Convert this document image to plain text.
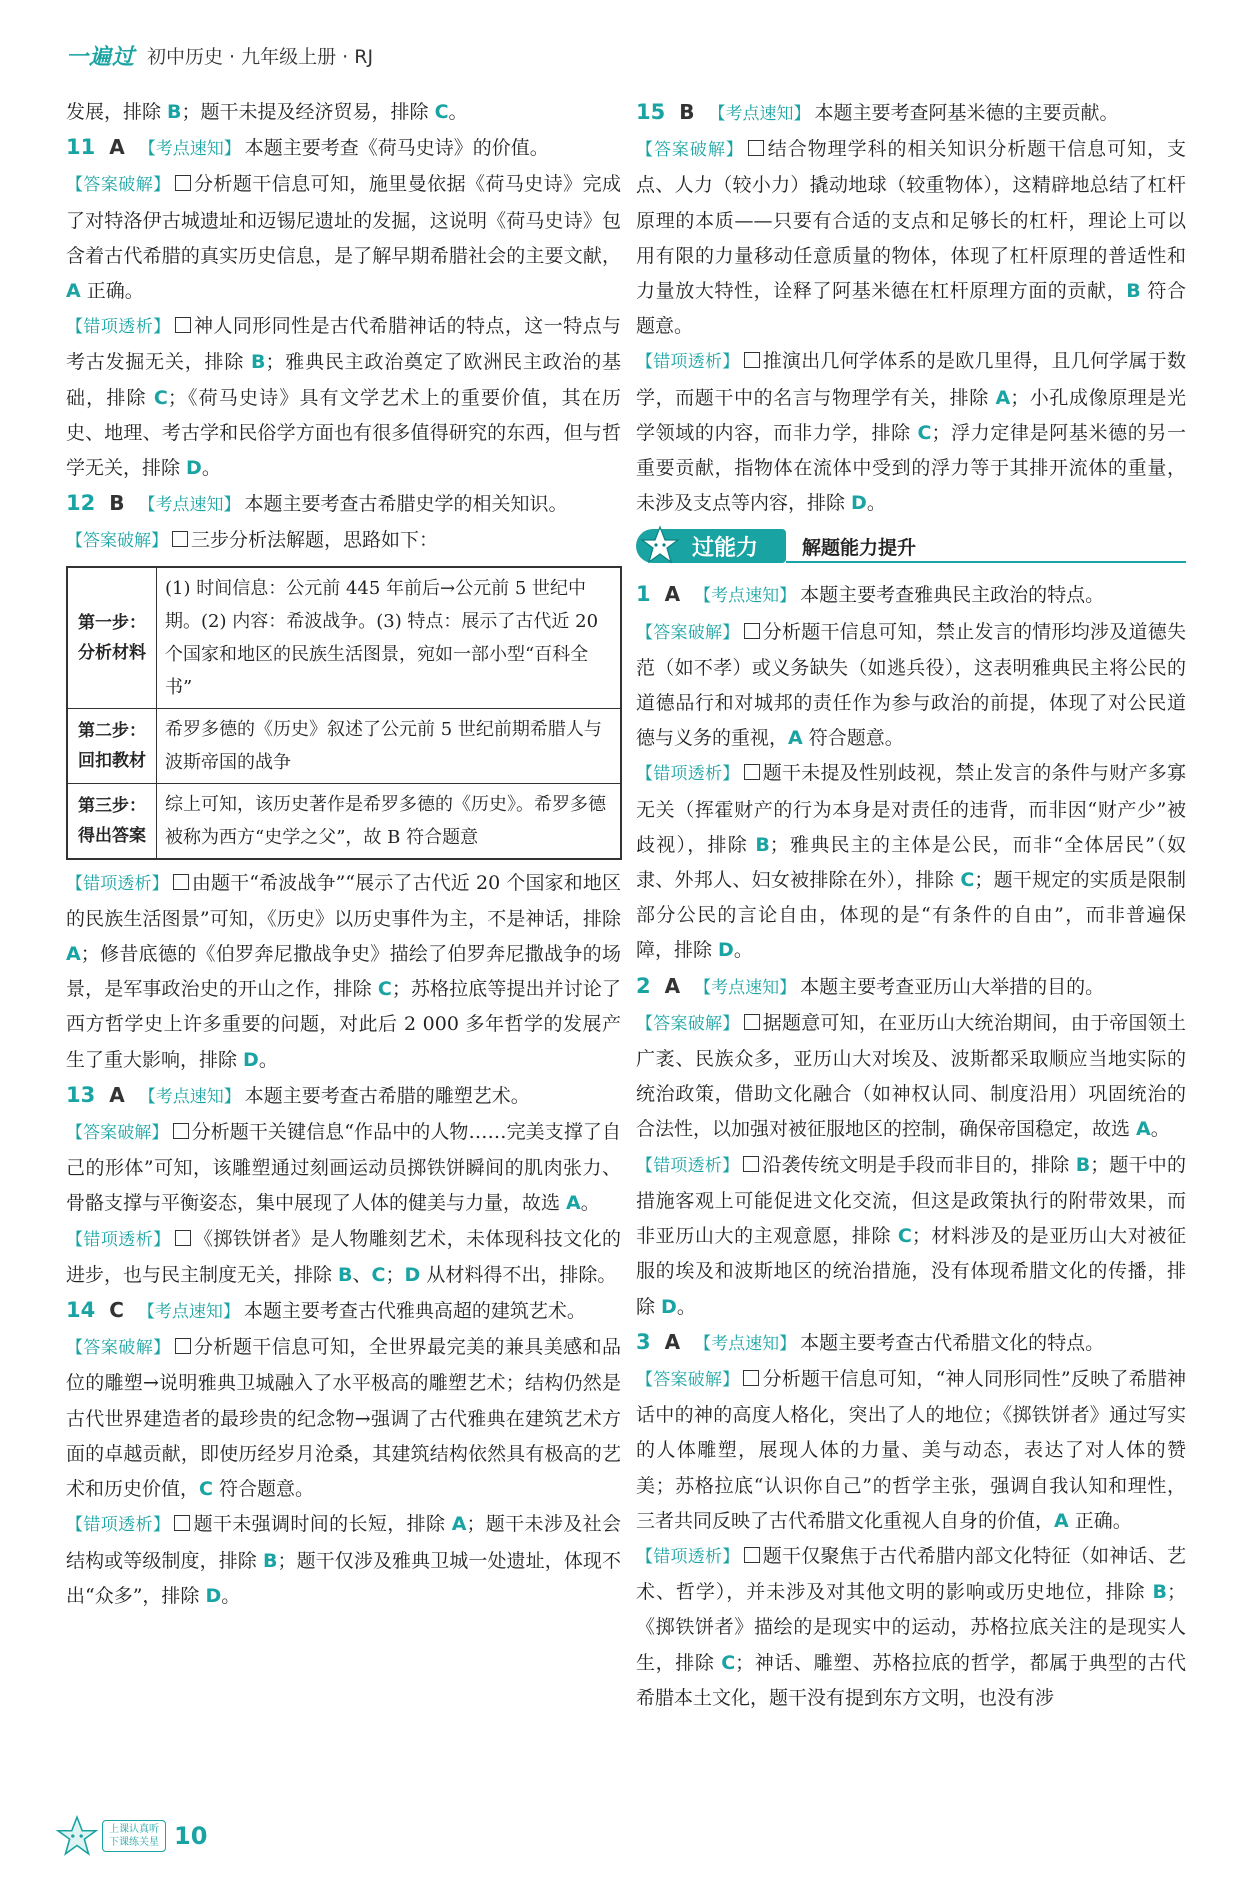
一遍过 初中历史 · 九年级上册 · RJ

发展，排除 B；题干未提及经济贸易，排除 C。

11 A 【考点速知】 本题主要考查《荷马史诗》的价值。

【答案破解】 分析题干信息可知，施里曼依据《荷马史诗》完成了对特洛伊古城遗址和迈锡尼遗址的发掘，这说明《荷马史诗》包含着古代希腊的真实历史信息，是了解早期希腊社会的主要文献，A 正确。

【错项透析】 神人同形同性是古代希腊神话的特点，这一特点与考古发掘无关，排除 B；雅典民主政治奠定了欧洲民主政治的基础，排除 C；《荷马史诗》具有文学艺术上的重要价值，其在历史、地理、考古学和民俗学方面也有很多值得研究的东西，但与哲学无关，排除 D。

12 B 【考点速知】 本题主要考查古希腊史学的相关知识。

【答案破解】 三步分析法解题，思路如下：

第一步：分析材料
(1) 时间信息：公元前 445 年前后→公元前 5 世纪中期。(2) 内容：希波战争。(3) 特点：展示了古代近 20 个国家和地区的民族生活图景，宛如一部小型“百科全书”
第二步：回扣教材
希罗多德的《历史》叙述了公元前 5 世纪前期希腊人与波斯帝国的战争
第三步：得出答案
综上可知，该历史著作是希罗多德的《历史》。希罗多德被称为西方“史学之父”，故 B 符合题意

【错项透析】 由题干“希波战争”“展示了古代近 20 个国家和地区的民族生活图景”可知，《历史》以历史事件为主，不是神话，排除 A；修昔底德的《伯罗奔尼撒战争史》描绘了伯罗奔尼撒战争的场景，是军事政治史的开山之作，排除 C；苏格拉底等提出并讨论了西方哲学史上许多重要的问题，对此后 2 000 多年哲学的发展产生了重大影响，排除 D。

13 A 【考点速知】 本题主要考查古希腊的雕塑艺术。

【答案破解】 分析题干关键信息“作品中的人物……完美支撑了自己的形体”可知，该雕塑通过刻画运动员掷铁饼瞬间的肌肉张力、骨骼支撑与平衡姿态，集中展现了人体的健美与力量，故选 A。

【错项透析】 《掷铁饼者》是人物雕刻艺术，未体现科技文化的进步，也与民主制度无关，排除 B、C；D 从材料得不出，排除。

14 C 【考点速知】 本题主要考查古代雅典高超的建筑艺术。

【答案破解】 分析题干信息可知，全世界最完美的兼具美感和品位的雕塑→说明雅典卫城融入了水平极高的雕塑艺术；结构仍然是古代世界建造者的最珍贵的纪念物→强调了古代雅典在建筑艺术方面的卓越贡献，即使历经岁月沧桑，其建筑结构依然具有极高的艺术和历史价值，C 符合题意。

【错项透析】 题干未强调时间的长短，排除 A；题干未涉及社会结构或等级制度，排除 B；题干仅涉及雅典卫城一处遗址，体现不出“众多”，排除 D。

15 B 【考点速知】 本题主要考查阿基米德的主要贡献。

【答案破解】 结合物理学科的相关知识分析题干信息可知，支点、人力（较小力）撬动地球（较重物体），这精辟地总结了杠杆原理的本质——只要有合适的支点和足够长的杠杆，理论上可以用有限的力量移动任意质量的物体，体现了杠杆原理的普适性和力量放大特性，诠释了阿基米德在杠杆原理方面的贡献，B 符合题意。

【错项透析】 推演出几何学体系的是欧几里得，且几何学属于数学，而题干中的名言与物理学有关，排除 A；小孔成像原理是光学领域的内容，而非力学，排除 C；浮力定律是阿基米德的另一重要贡献，指物体在流体中受到的浮力等于其排开流体的重量，未涉及支点等内容，排除 D。

过能力 解题能力提升

1 A 【考点速知】 本题主要考查雅典民主政治的特点。

【答案破解】 分析题干信息可知，禁止发言的情形均涉及道德失范（如不孝）或义务缺失（如逃兵役），这表明雅典民主将公民的道德品行和对城邦的责任作为参与政治的前提，体现了对公民道德与义务的重视，A 符合题意。

【错项透析】 题干未提及性别歧视，禁止发言的条件与财产多寡无关（挥霍财产的行为本身是对责任的违背，而非因“财产少”被歧视），排除 B；雅典民主的主体是公民，而非“全体居民”（奴隶、外邦人、妇女被排除在外），排除 C；题干规定的实质是限制部分公民的言论自由，体现的是“有条件的自由”，而非普遍保障，排除 D。

2 A 【考点速知】 本题主要考查亚历山大举措的目的。

【答案破解】 据题意可知，在亚历山大统治期间，由于帝国领土广袤、民族众多，亚历山大对埃及、波斯都采取顺应当地实际的统治政策，借助文化融合（如神权认同、制度沿用）巩固统治的合法性，以加强对被征服地区的控制，确保帝国稳定，故选 A。

【错项透析】 沿袭传统文明是手段而非目的，排除 B；题干中的措施客观上可能促进文化交流，但这是政策执行的附带效果，而非亚历山大的主观意愿，排除 C；材料涉及的是亚历山大对被征服的埃及和波斯地区的统治措施，没有体现希腊文化的传播，排除 D。

3 A 【考点速知】 本题主要考查古代希腊文化的特点。

【答案破解】 分析题干信息可知，“神人同形同性”反映了希腊神话中的神的高度人格化，突出了人的地位；《掷铁饼者》通过写实的人体雕塑，展现人体的力量、美与动态，表达了对人体的赞美；苏格拉底“认识你自己”的哲学主张，强调自我认知和理性，三者共同反映了古代希腊文化重视人自身的价值，A 正确。

【错项透析】 题干仅聚焦于古代希腊内部文化特征（如神话、艺术、哲学），并未涉及对其他文明的影响或历史地位，排除 B；《掷铁饼者》描绘的是现实中的运动，苏格拉底关注的是现实人生，排除 C；神话、雕塑、苏格拉底的哲学，都属于典型的古代希腊本土文化，题干没有提到东方文明，也没有涉

上课认真听
下课练关星 10
